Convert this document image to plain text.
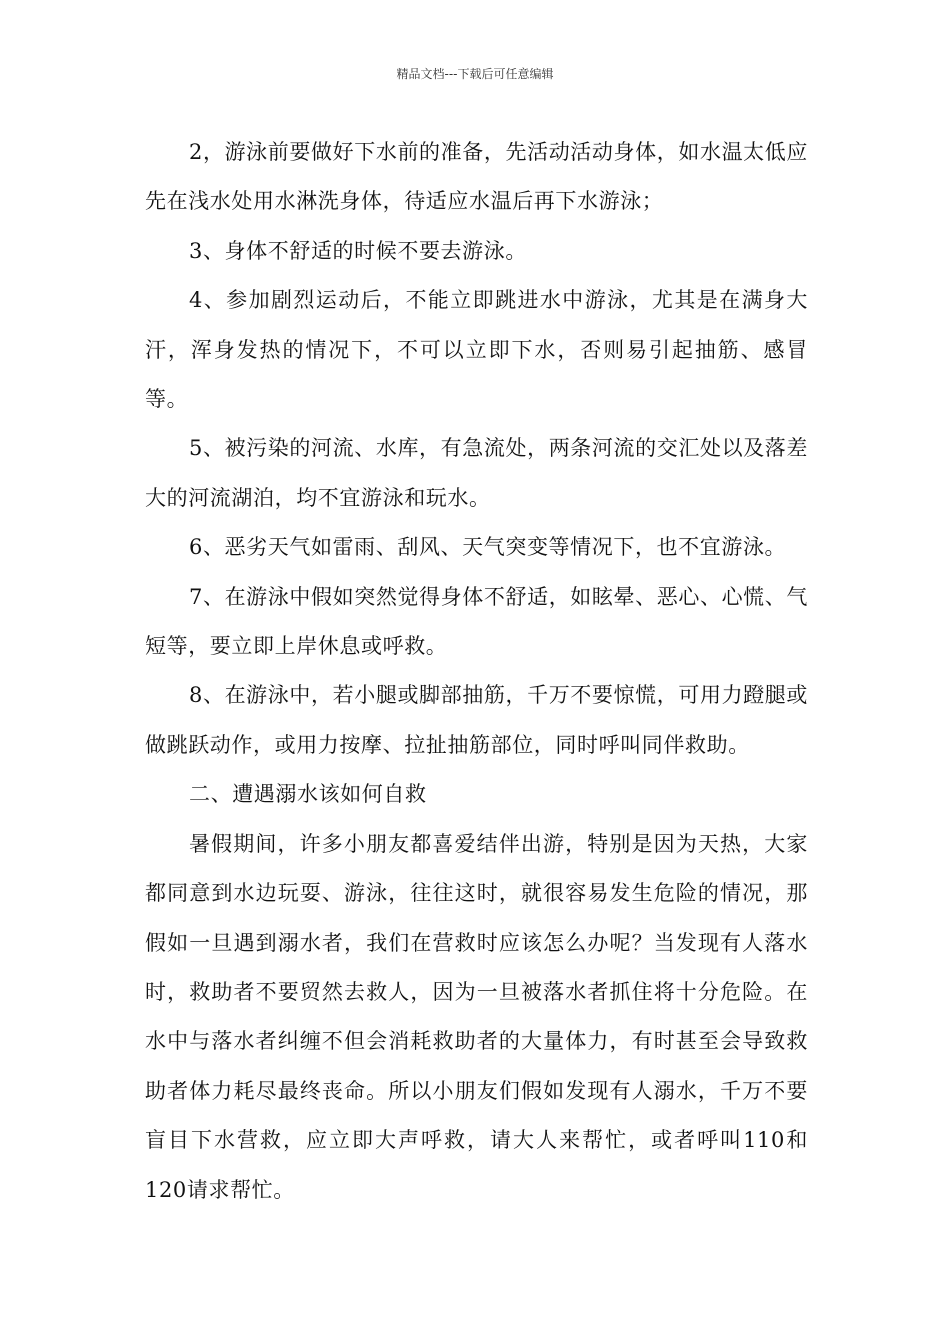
精品文档---下载后可任意编辑

2，游泳前要做好下水前的准备，先活动活动身体，如水温太低应先在浅水处用水淋洗身体，待适应水温后再下水游泳；

3、身体不舒适的时候不要去游泳。

4、参加剧烈运动后，不能立即跳进水中游泳，尤其是在满身大汗，浑身发热的情况下，不可以立即下水，否则易引起抽筋、感冒等。

5、被污染的河流、水库，有急流处，两条河流的交汇处以及落差大的河流湖泊，均不宜游泳和玩水。

6、恶劣天气如雷雨、刮风、天气突变等情况下，也不宜游泳。

7、在游泳中假如突然觉得身体不舒适，如眩晕、恶心、心慌、气短等，要立即上岸休息或呼救。

8、在游泳中，若小腿或脚部抽筋，千万不要惊慌，可用力蹬腿或做跳跃动作，或用力按摩、拉扯抽筋部位，同时呼叫同伴救助。

二、遭遇溺水该如何自救

暑假期间，许多小朋友都喜爱结伴出游，特别是因为天热，大家都同意到水边玩耍、游泳，往往这时，就很容易发生危险的情况，那假如一旦遇到溺水者，我们在营救时应该怎么办呢？当发现有人落水时，救助者不要贸然去救人，因为一旦被落水者抓住将十分危险。在水中与落水者纠缠不但会消耗救助者的大量体力，有时甚至会导致救助者体力耗尽最终丧命。所以小朋友们假如发现有人溺水，千万不要盲目下水营救，应立即大声呼救，请大人来帮忙，或者呼叫110和120请求帮忙。
